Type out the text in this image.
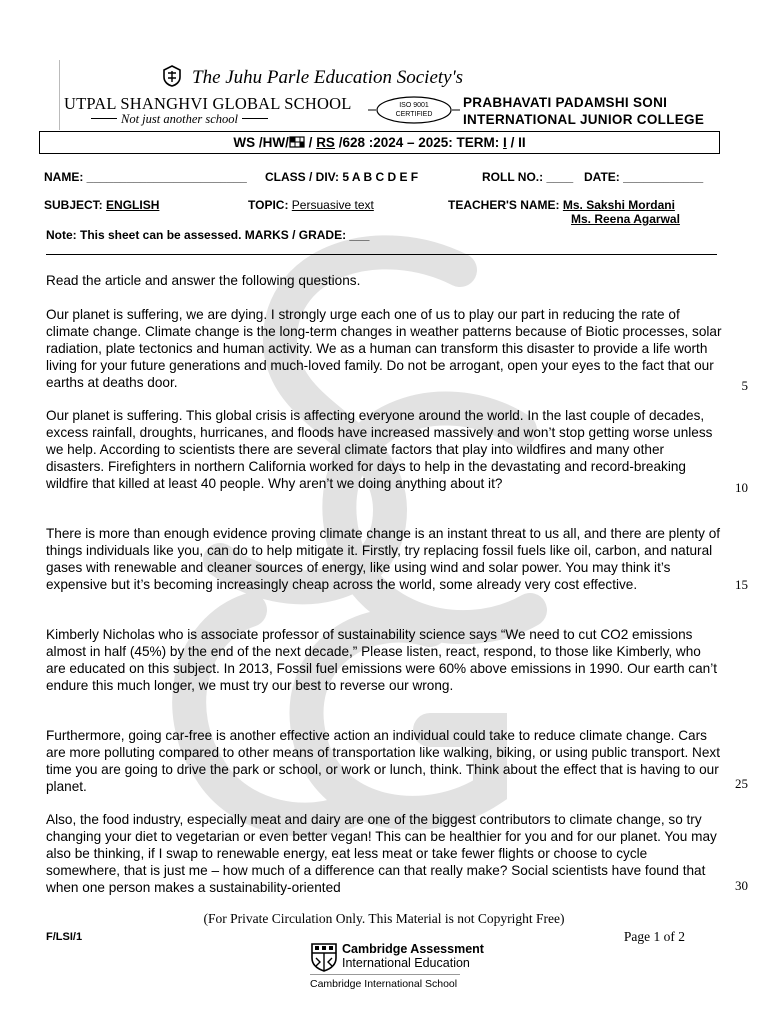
The Juhu Parle Education Society's
UTPAL SHANGHVI GLOBAL SCHOOL
Not just another school
ISO 9001
CERTIFIED
PRABHAVATI PADAMSHI SONI
INTERNATIONAL JUNIOR COLLEGE
WS /HW/ / RS /628 :2024 – 2025: TERM: I / II
NAME: ________________________ CLASS / DIV: 5 A B C D E F	ROLL NO.: ____ DATE: ____________
SUBJECT: ENGLISH	TOPIC: Persuasive text	TEACHER'S NAME: Ms. Sakshi Mordani
Ms. Reena Agarwal
Note: This sheet can be assessed. MARKS / GRADE: ___

Read the article and answer the following questions.

Our planet is suffering, we are dying. I strongly urge each one of us to play our part in reducing the rate of climate change. Climate change is the long-term changes in weather patterns because of Biotic processes, solar radiation, plate tectonics and human activity. We as a human can transform this disaster to provide a life worth living for your future generations and much-loved family. Do not be arrogant, open your eyes to the fact that our earths at deaths door.

Our planet is suffering. This global crisis is affecting everyone around the world. In the last couple of decades, excess rainfall, droughts, hurricanes, and floods have increased massively and won’t stop getting worse unless we help. According to scientists there are several climate factors that play into wildfires and many other disasters. Firefighters in northern California worked for days to help in the devastating and record-breaking wildfire that killed at least 40 people. Why aren’t we doing anything about it?

There is more than enough evidence proving climate change is an instant threat to us all, and there are plenty of things individuals like you, can do to help mitigate it. Firstly, try replacing fossil fuels like oil, carbon, and natural gases with renewable and cleaner sources of energy, like using wind and solar power. You may think it’s expensive but it’s becoming increasingly cheap across the world, some already very cost effective.

Kimberly Nicholas who is associate professor of sustainability science says “We need to cut CO2 emissions almost in half (45%) by the end of the next decade,” Please listen, react, respond, to those like Kimberly, who are educated on this subject. In 2013, Fossil fuel emissions were 60% above emissions in 1990. Our earth can’t endure this much longer, we must try our best to reverse our wrong.

Furthermore, going car-free is another effective action an individual could take to reduce climate change. Cars are more polluting compared to other means of transportation like walking, biking, or using public transport. Next time you are going to drive the park or school, or work or lunch, think. Think about the effect that is having to our planet.

Also, the food industry, especially meat and dairy are one of the biggest contributors to climate change, so try changing your diet to vegetarian or even better vegan! This can be healthier for you and for our planet. You may also be thinking, if I swap to renewable energy, eat less meat or take fewer flights or choose to cycle somewhere, that is just me – how much of a difference can that really make? Social scientists have found that when one person makes a sustainability-oriented

5
10
15
25
30
(For Private Circulation Only. This Material is not Copyright Free)
F/LSI/1	Page 1 of 2
Cambridge Assessment
International Education
Cambridge International School
